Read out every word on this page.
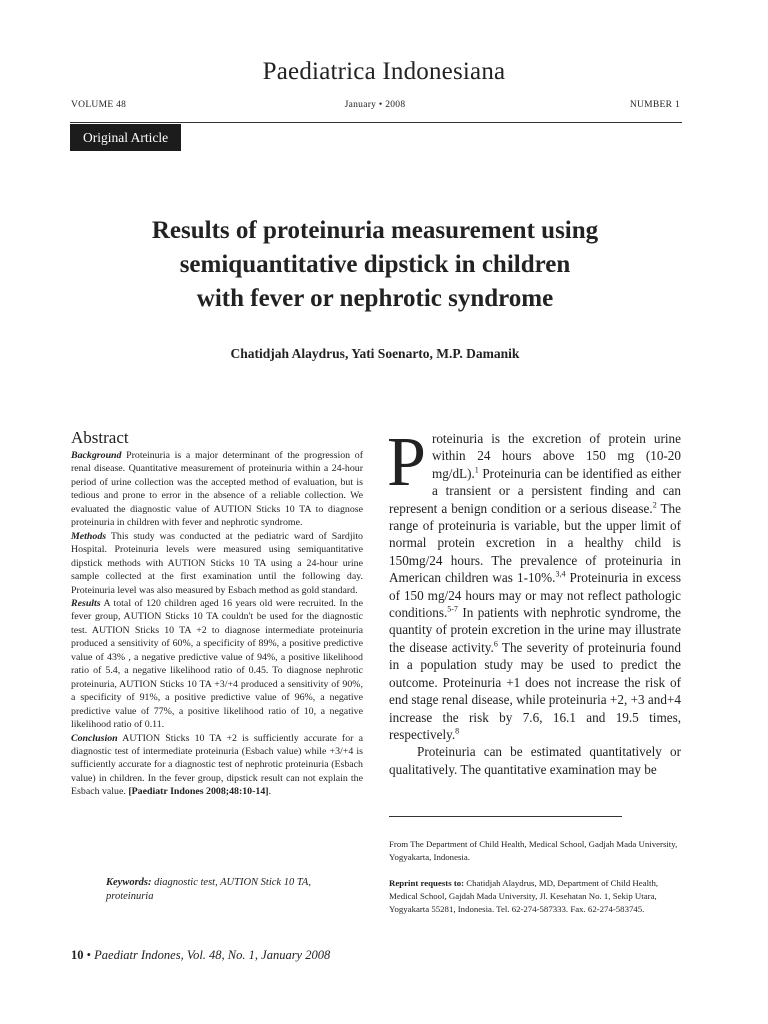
Paediatrica Indonesiana
VOLUME 48	January • 2008	NUMBER 1
Original Article
Results of proteinuria measurement using
semiquantitative dipstick in children
with fever or nephrotic syndrome
Chatidjah Alaydrus, Yati Soenarto, M.P. Damanik
Abstract

Background Proteinuria is a major determinant of the progression of renal disease. Quantitative measurement of proteinuria within a 24-hour period of urine collection was the accepted method of evaluation, but is tedious and prone to error in the absence of a reliable collection. We evaluated the diagnostic value of AUTION Sticks 10 TA to diagnose proteinuria in children with fever and nephrotic syndrome.

Methods This study was conducted at the pediatric ward of Sardjito Hospital. Proteinuria levels were measured using semiquantitative dipstick methods with AUTION Sticks 10 TA using a 24-hour urine sample collected at the first examination until the following day. Proteinuria level was also measured by Esbach method as gold standard.

Results A total of 120 children aged 16 years old were recruited. In the fever group, AUTION Sticks 10 TA couldn't be used for the diagnostic test. AUTION Sticks 10 TA +2 to diagnose intermediate proteinuria produced a sensitivity of 60%, a specificity of 89%, a positive predictive value of 43% , a negative predictive value of 94%, a positive likelihood ratio of 5.4, a negative likelihood ratio of 0.45. To diagnose nephrotic proteinuria, AUTION Sticks 10 TA +3/+4 produced a sensitivity of 90%, a specificity of 91%, a positive predictive value of 96%, a negative predictive value of 77%, a positive likelihood ratio of 10, a negative likelihood ratio of 0.11.

Conclusion AUTION Sticks 10 TA +2 is sufficiently accurate for a diagnostic test of intermediate proteinuria (Esbach value) while +3/+4 is sufficiently accurate for a diagnostic test of nephrotic proteinuria (Esbach value) in children. In the fever group, dipstick result can not explain the Esbach value. [Paediatr Indones 2008;48:10-14].

Keywords: diagnostic test, AUTION Stick 10 TA, proteinuria

Proteinuria is the excretion of protein urine within 24 hours above 150 mg (10-20 mg/dL).$^1$ Proteinuria can be identified as either a transient or a persistent finding and can represent a benign condition or a serious disease.$^2$ The range of proteinuria is variable, but the upper limit of normal protein excretion in a healthy child is 150mg/24 hours. The prevalence of proteinuria in American children was 1-10%.$^{3,4}$ Proteinuria in excess of 150 mg/24 hours may or may not reflect pathologic conditions.$^{5-7}$ In patients with nephrotic syndrome, the quantity of protein excretion in the urine may illustrate the disease activity.$^6$ The severity of proteinuria found in a population study may be used to predict the outcome. Proteinuria +1 does not increase the risk of end stage renal disease, while proteinuria +2, +3 and+4 increase the risk by 7.6, 16.1 and 19.5 times, respectively.$^8$

Proteinuria can be estimated quantitatively or qualitatively. The quantitative examination may be

From The Department of Child Health, Medical School, Gadjah Mada University, Yogyakarta, Indonesia.
Reprint requests to: Chatidjah Alaydrus, MD, Department of Child Health, Medical School, Gajdah Mada University, Jl. Kesehatan No. 1, Sekip Utara, Yogyakarta 55281, Indonesia. Tel. 62-274-587333. Fax. 62-274-583745.
10 • Paediatr Indones, Vol. 48, No. 1, January 2008
